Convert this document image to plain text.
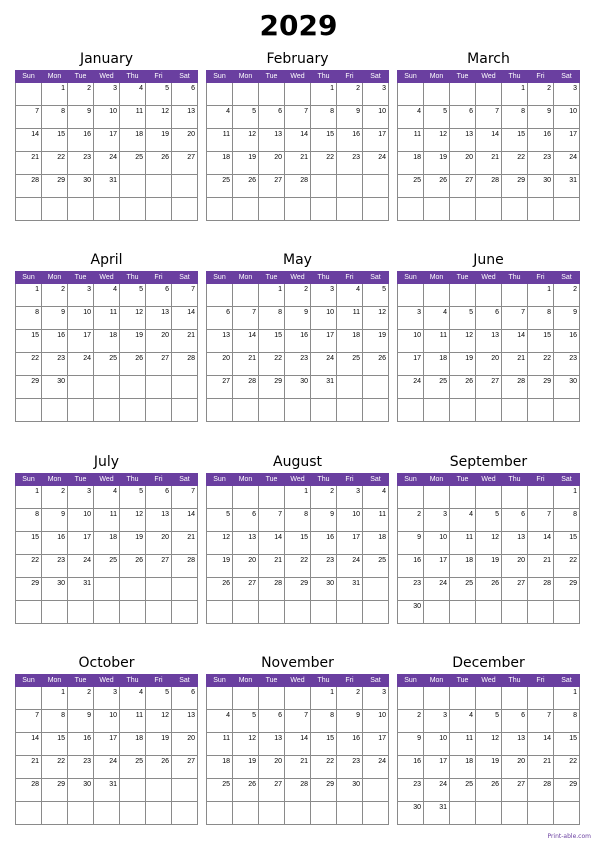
2029
January
Sun	Mon	Tue	Wed	Thu	Fri	Sat
	1	2	3	4	5	6
7	8	9	10	11	12	13
14	15	16	17	18	19	20
21	22	23	24	25	26	27
28	29	30	31			

February
Sun	Mon	Tue	Wed	Thu	Fri	Sat
				1	2	3
4	5	6	7	8	9	10
11	12	13	14	15	16	17
18	19	20	21	22	23	24
25	26	27	28			

March
Sun	Mon	Tue	Wed	Thu	Fri	Sat
				1	2	3
4	5	6	7	8	9	10
11	12	13	14	15	16	17
18	19	20	21	22	23	24
25	26	27	28	29	30	31

April
Sun	Mon	Tue	Wed	Thu	Fri	Sat
1	2	3	4	5	6	7
8	9	10	11	12	13	14
15	16	17	18	19	20	21
22	23	24	25	26	27	28
29	30					

May
Sun	Mon	Tue	Wed	Thu	Fri	Sat
		1	2	3	4	5
6	7	8	9	10	11	12
13	14	15	16	17	18	19
20	21	22	23	24	25	26
27	28	29	30	31		

June
Sun	Mon	Tue	Wed	Thu	Fri	Sat
					1	2
3	4	5	6	7	8	9
10	11	12	13	14	15	16
17	18	19	20	21	22	23
24	25	26	27	28	29	30

July
Sun	Mon	Tue	Wed	Thu	Fri	Sat
1	2	3	4	5	6	7
8	9	10	11	12	13	14
15	16	17	18	19	20	21
22	23	24	25	26	27	28
29	30	31				

August
Sun	Mon	Tue	Wed	Thu	Fri	Sat
			1	2	3	4
5	6	7	8	9	10	11
12	13	14	15	16	17	18
19	20	21	22	23	24	25
26	27	28	29	30	31	

September
Sun	Mon	Tue	Wed	Thu	Fri	Sat
						1
2	3	4	5	6	7	8
9	10	11	12	13	14	15
16	17	18	19	20	21	22
23	24	25	26	27	28	29
30						
October
Sun	Mon	Tue	Wed	Thu	Fri	Sat
	1	2	3	4	5	6
7	8	9	10	11	12	13
14	15	16	17	18	19	20
21	22	23	24	25	26	27
28	29	30	31			

November
Sun	Mon	Tue	Wed	Thu	Fri	Sat
				1	2	3
4	5	6	7	8	9	10
11	12	13	14	15	16	17
18	19	20	21	22	23	24
25	26	27	28	29	30	

December
Sun	Mon	Tue	Wed	Thu	Fri	Sat
						1
2	3	4	5	6	7	8
9	10	11	12	13	14	15
16	17	18	19	20	21	22
23	24	25	26	27	28	29
30	31					
Print-able.com
